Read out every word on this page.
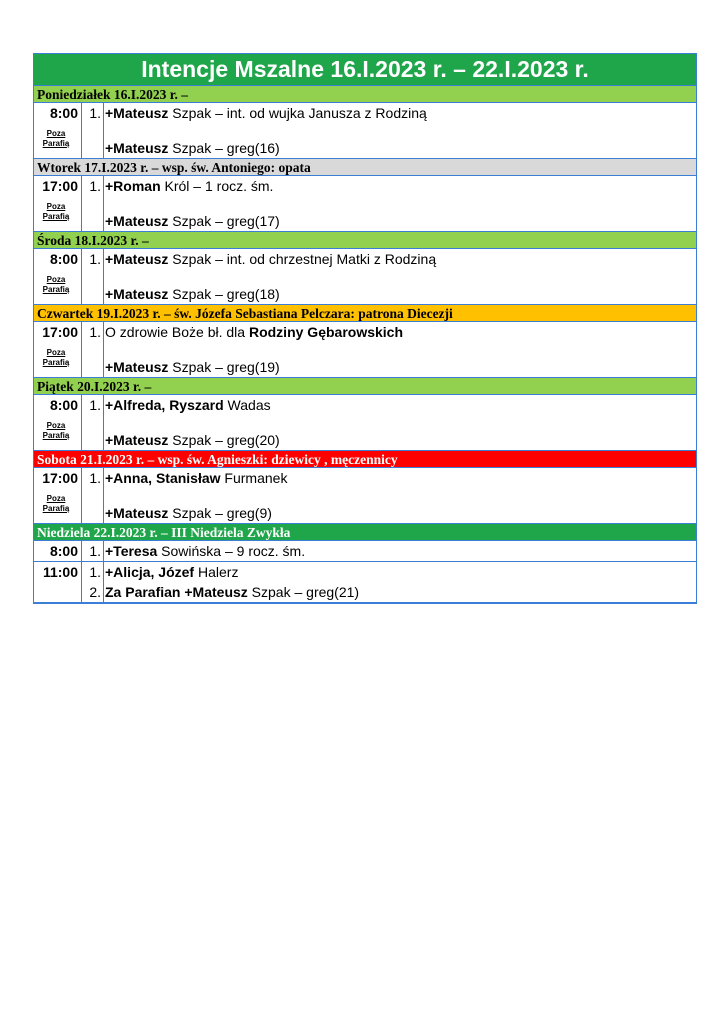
Intencje Mszalne 16.I.2023 r. – 22.I.2023 r.
Poniedziałek 16.I.2023 r. –
8:00
Poza
Parafią
1. +Mateusz Szpak – int. od wujka Janusza z Rodziną
+Mateusz Szpak – greg(16)
Wtorek 17.I.2023 r. – wsp. św. Antoniego: opata
17:00
Poza
Parafią
1. +Roman Król – 1 rocz. śm.
+Mateusz Szpak – greg(17)
Środa 18.I.2023 r. –
8:00
Poza
Parafią
1. +Mateusz Szpak – int. od chrzestnej Matki z Rodziną
+Mateusz Szpak – greg(18)
Czwartek 19.I.2023 r. – św. Józefa Sebastiana Pelczara: patrona Diecezji
17:00
Poza
Parafią
1. O zdrowie Boże bł. dla Rodziny Gębarowskich
+Mateusz Szpak – greg(19)
Piątek 20.I.2023 r. –
8:00
Poza
Parafią
1. +Alfreda, Ryszard Wadas
+Mateusz Szpak – greg(20)
Sobota 21.I.2023 r. – wsp. św. Agnieszki: dziewicy , męczennicy
17:00
Poza
Parafią
1. +Anna, Stanisław Furmanek
+Mateusz Szpak – greg(9)
Niedziela 22.I.2023 r. – III Niedziela Zwykła
8:00 1. +Teresa Sowińska – 9 rocz. śm.
11:00 1.
2.
+Alicja, Józef Halerz
Za Parafian +Mateusz Szpak – greg(21)
